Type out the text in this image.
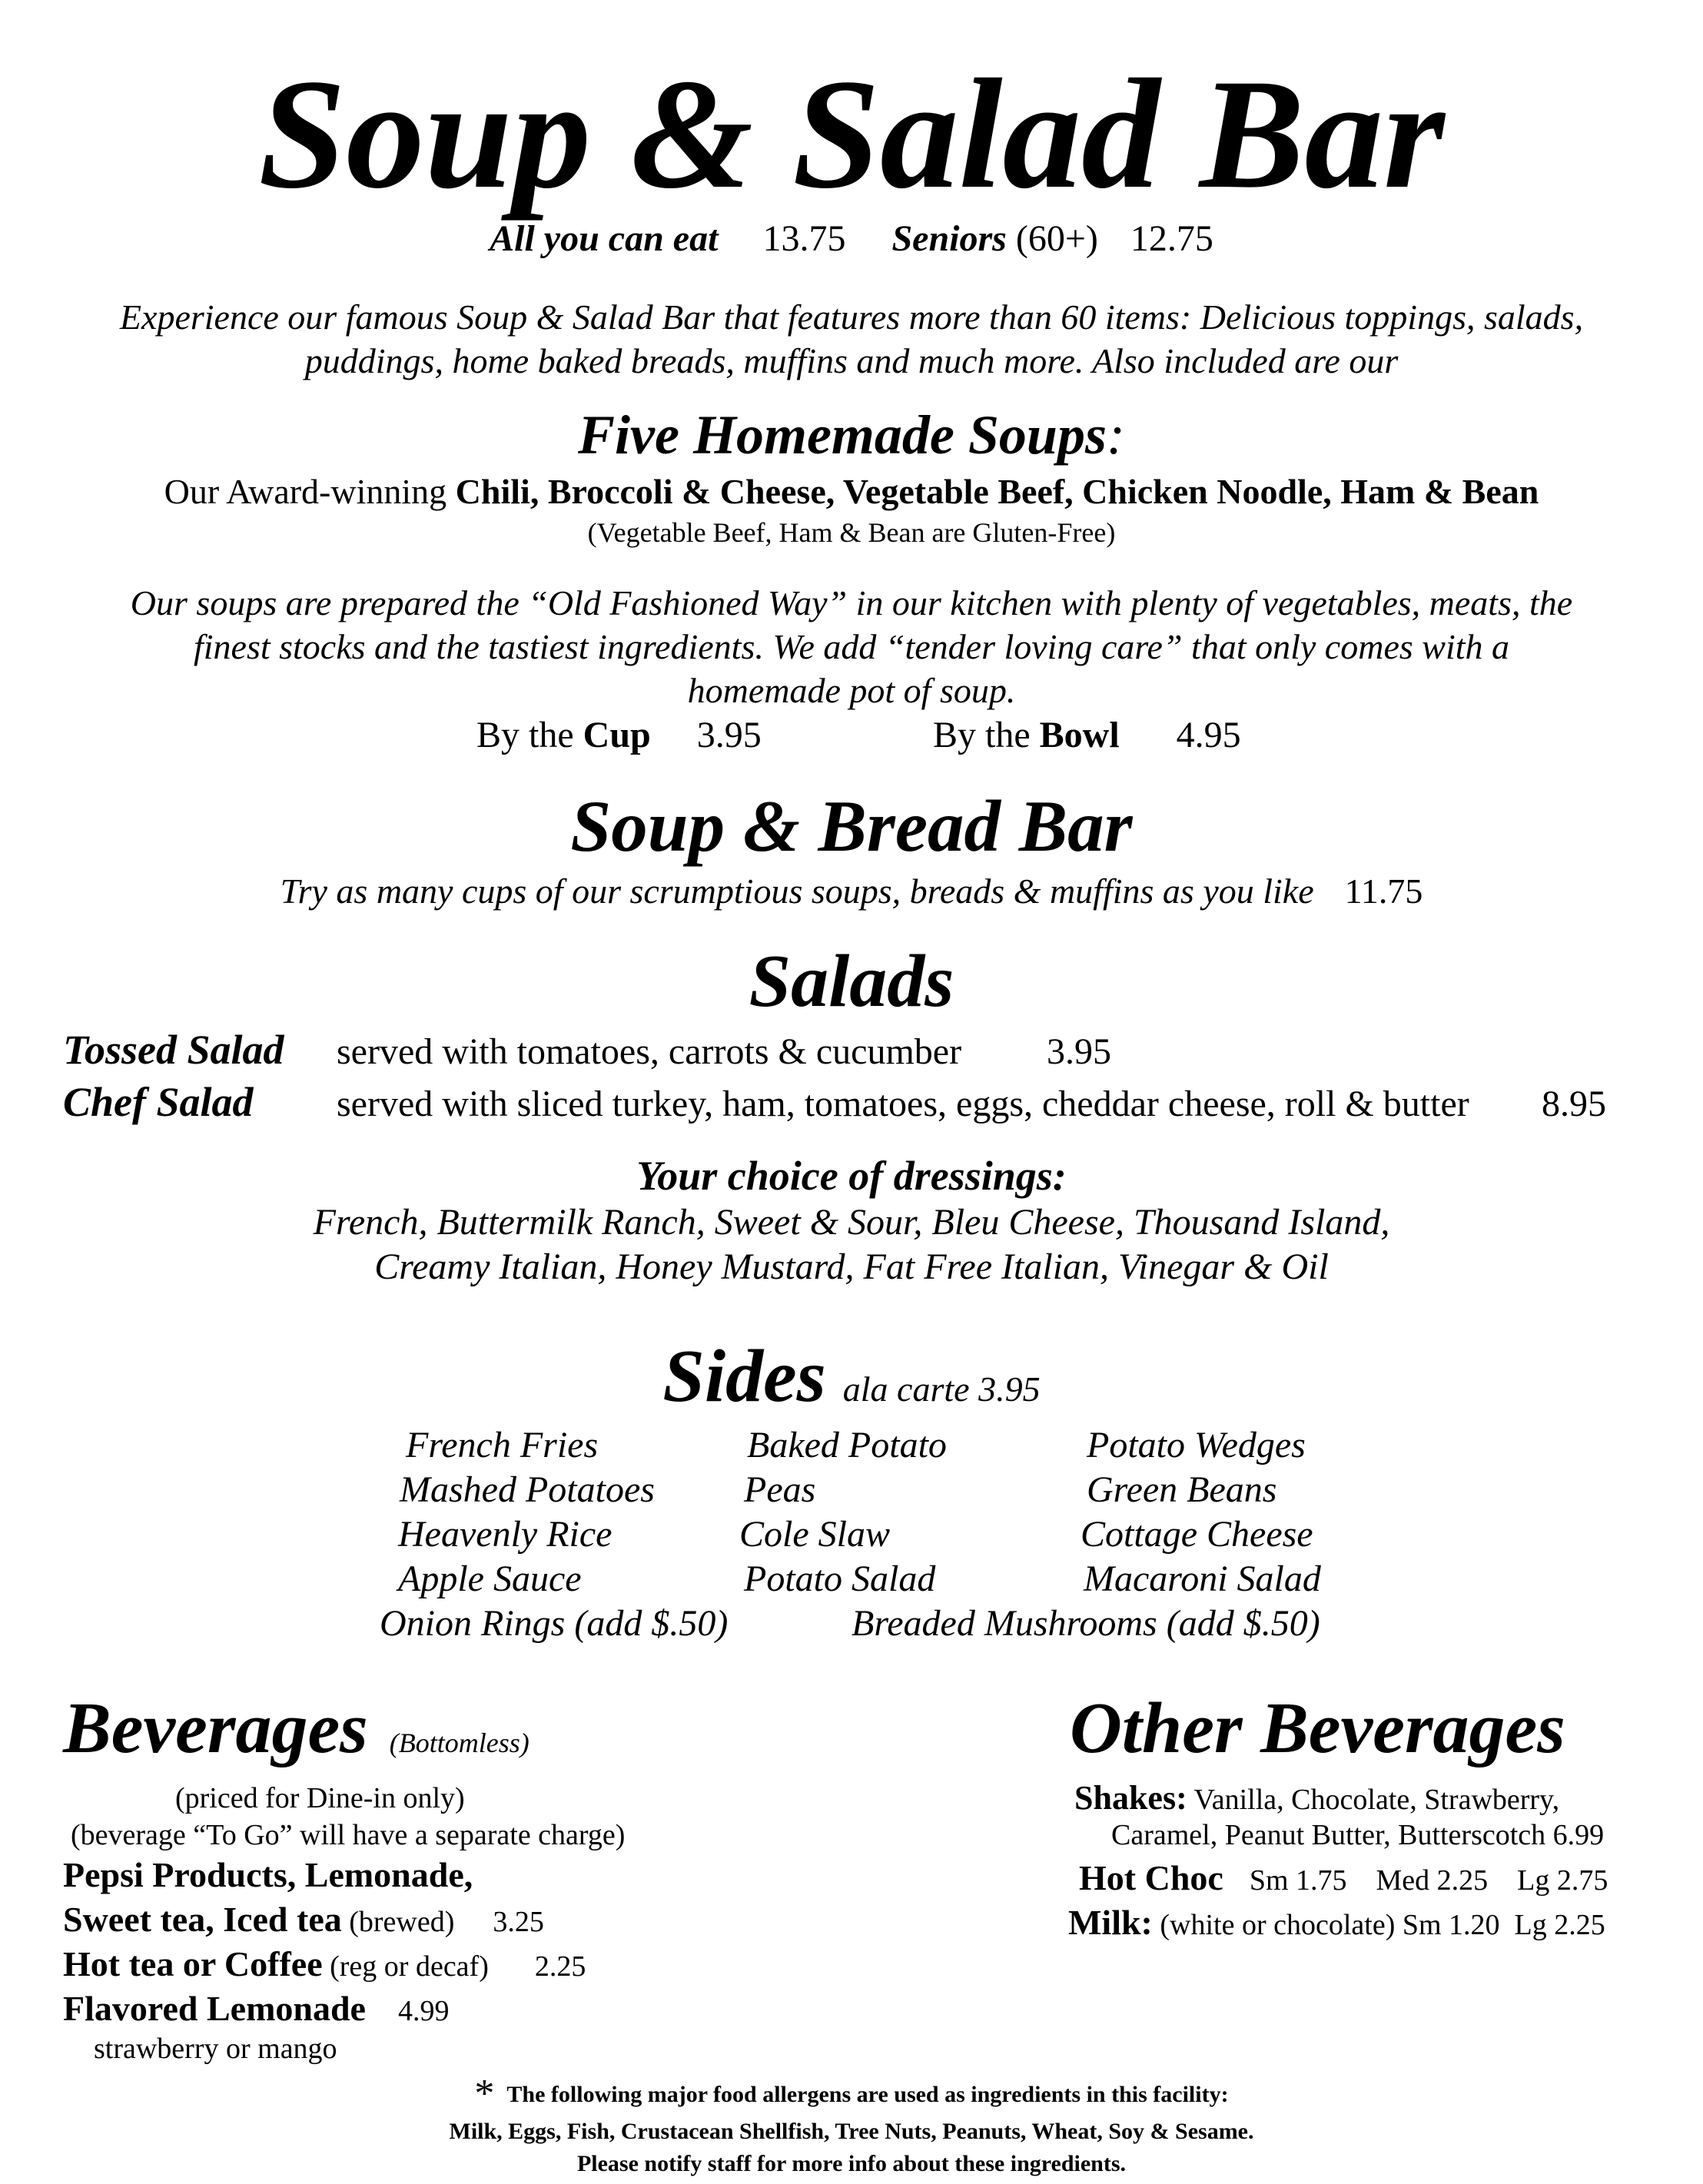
Soup & Salad Bar
All you can eat 13.75 Seniors (60+) 12.75
Experience our famous Soup & Salad Bar that features more than 60 items: Delicious toppings, salads,
puddings, home baked breads, muffins and much more. Also included are our
Five Homemade Soups:
Our Award-winning Chili, Broccoli & Cheese, Vegetable Beef, Chicken Noodle, Ham & Bean
(Vegetable Beef, Ham & Bean are Gluten-Free)
Our soups are prepared the “Old Fashioned Way” in our kitchen with plenty of vegetables, meats, the
finest stocks and the tastiest ingredients. We add “tender loving care” that only comes with a
homemade pot of soup.
By the Cup 3.95	By the Bowl 4.95
Soup & Bread Bar
Try as many cups of our scrumptious soups, breads & muffins as you like 11.75
Salads
Tossed Salad served with tomatoes, carrots & cucumber 3.95
Chef Salad served with sliced turkey, ham, tomatoes, eggs, cheddar cheese, roll & butter 8.95
Your choice of dressings:
French, Buttermilk Ranch, Sweet & Sour, Bleu Cheese, Thousand Island,
Creamy Italian, Honey Mustard, Fat Free Italian, Vinegar & Oil
Sides ala carte 3.95
French Fries	Baked Potato	Potato Wedges
Mashed Potatoes Peas	Green Beans
Heavenly Rice	Cole Slaw	Cottage Cheese
Apple Sauce	Potato Salad	Macaroni Salad
Onion Rings (add $.50)	Breaded Mushrooms (add $.50)
Beverages (Bottomless)
(priced for Dine-in only)
(beverage “To Go” will have a separate charge)
Pepsi Products, Lemonade,
Sweet tea, Iced tea (brewed) 3.25
Hot tea or Coffee (reg or decaf) 2.25
Flavored Lemonade 4.99
strawberry or mango
Other Beverages
Shakes: Vanilla, Chocolate, Strawberry,
Caramel, Peanut Butter, Butterscotch 6.99
Hot Choc Sm 1.75    Med 2.25    Lg 2.75
Milk: (white or chocolate) Sm 1.20  Lg 2.25
* The following major food allergens are used as ingredients in this facility:
Milk, Eggs, Fish, Crustacean Shellfish, Tree Nuts, Peanuts, Wheat, Soy & Sesame.
Please notify staff for more info about these ingredients.
